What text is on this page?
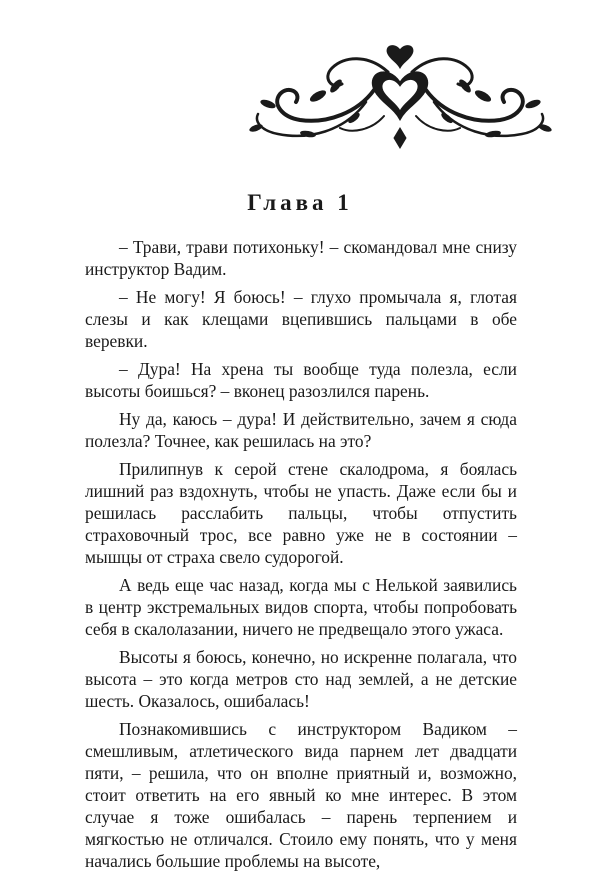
Глава 1

– Трави, трави потихоньку! – скомандовал мне снизу инструктор Вадим.

– Не могу! Я боюсь! – глухо промычала я, глотая слезы и как клещами вцепившись пальцами в обе веревки.

– Дура! На хрена ты вообще туда полезла, если высоты боишься? – вконец разозлился парень.

Ну да, каюсь – дура! И действительно, зачем я сюда полезла? Точнее, как решилась на это?

Прилипнув к серой стене скалодрома, я боялась лишний раз вздохнуть, чтобы не упасть. Даже если бы и решилась расслабить пальцы, чтобы отпустить страховочный трос, все равно уже не в состоянии – мышцы от страха свело судорогой.

А ведь еще час назад, когда мы с Нелькой заявились в центр экстремальных видов спорта, чтобы попробовать себя в скалолазании, ничего не предвещало этого ужаса.

Высоты я боюсь, конечно, но искренне полагала, что высота – это когда метров сто над землей, а не детские шесть. Оказалось, ошибалась!

Познакомившись с инструктором Вадиком – смешливым, атлетического вида парнем лет двадцати пяти, – решила, что он вполне приятный и, возможно, стоит ответить на его явный ко мне интерес. В этом случае я тоже ошибалась – парень терпением и мягкостью не отличался. Стоило ему понять, что у меня начались большие проблемы на высоте,
